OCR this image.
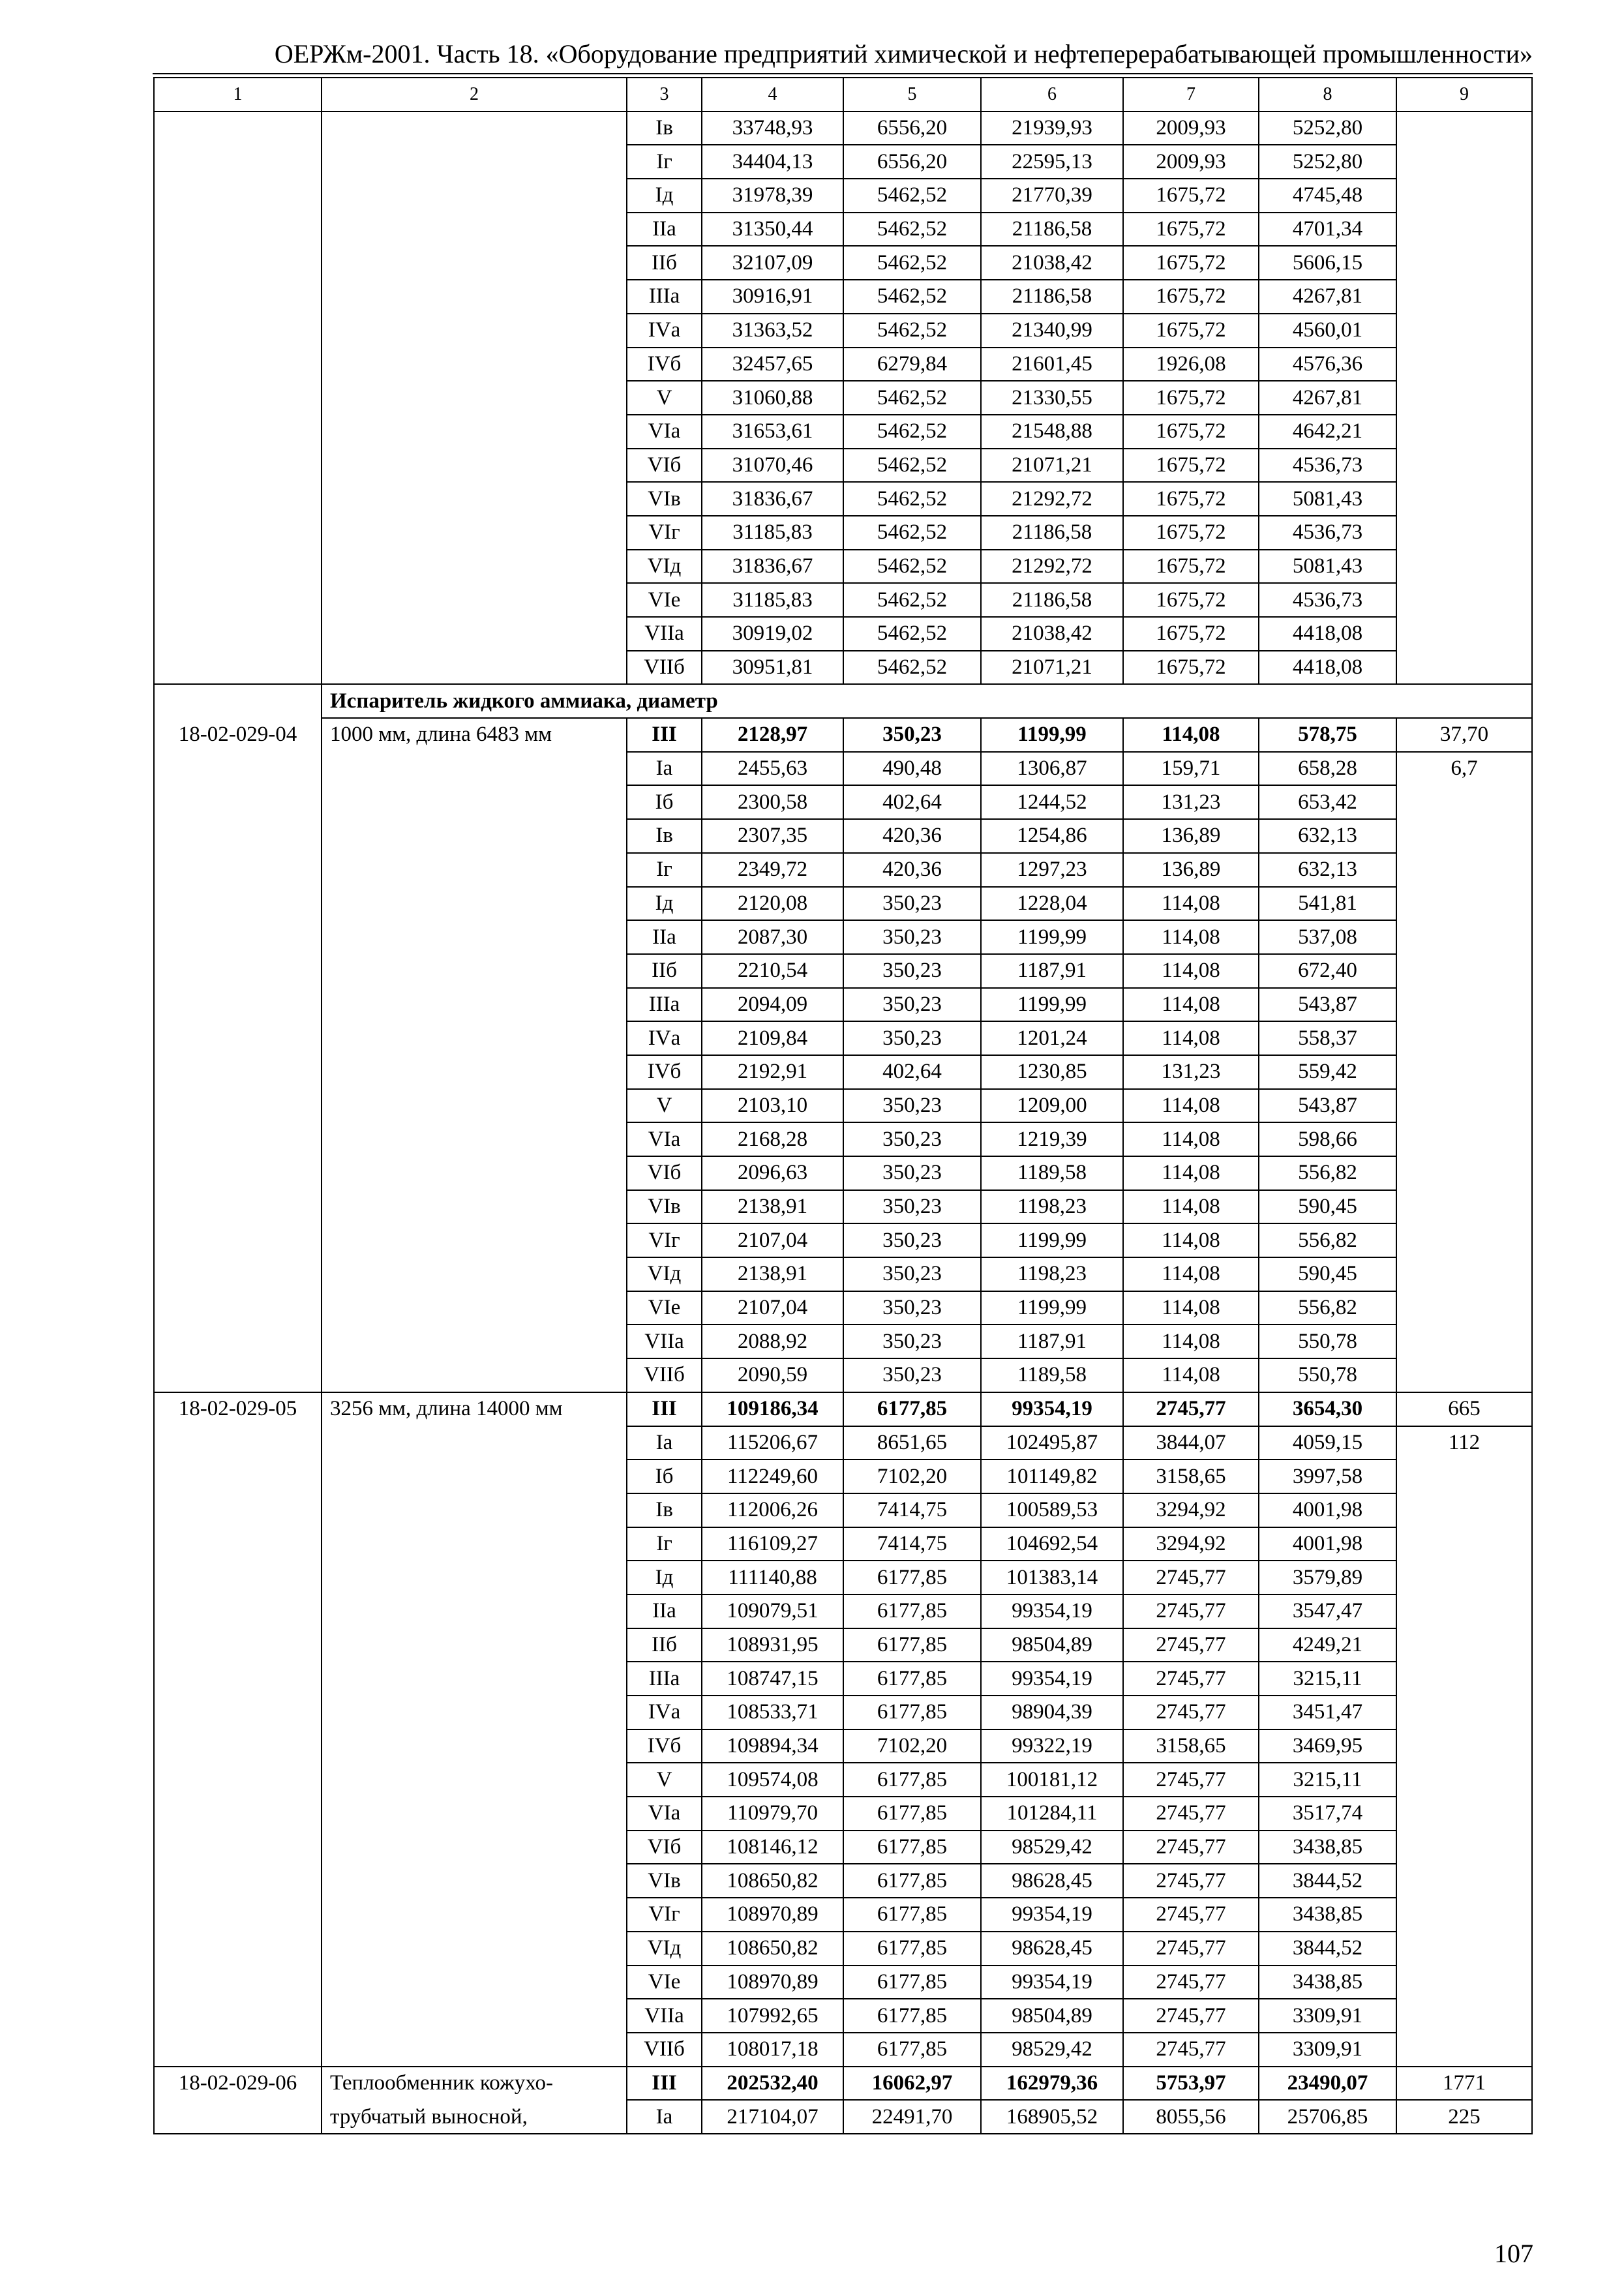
ОЕРЖм-2001. Часть 18. «Оборудование предприятий химической и нефтеперерабатывающей промышленности»
1	2	3	4	5	6	7	8	9
		Iв	33748,93	6556,20	21939,93	2009,93	5252,80	
		Iг	34404,13	6556,20	22595,13	2009,93	5252,80	
		Iд	31978,39	5462,52	21770,39	1675,72	4745,48	
		IIа	31350,44	5462,52	21186,58	1675,72	4701,34	
		IIб	32107,09	5462,52	21038,42	1675,72	5606,15	
		IIIа	30916,91	5462,52	21186,58	1675,72	4267,81	
		IVа	31363,52	5462,52	21340,99	1675,72	4560,01	
		IVб	32457,65	6279,84	21601,45	1926,08	4576,36	
		V	31060,88	5462,52	21330,55	1675,72	4267,81	
		VIа	31653,61	5462,52	21548,88	1675,72	4642,21	
		VIб	31070,46	5462,52	21071,21	1675,72	4536,73	
		VIв	31836,67	5462,52	21292,72	1675,72	5081,43	
		VIг	31185,83	5462,52	21186,58	1675,72	4536,73	
		VIд	31836,67	5462,52	21292,72	1675,72	5081,43	
		VIе	31185,83	5462,52	21186,58	1675,72	4536,73	
		VIIа	30919,02	5462,52	21038,42	1675,72	4418,08	
		VIIб	30951,81	5462,52	21071,21	1675,72	4418,08	
	Испаритель жидкого аммиака, диаметр							
18-02-029-04	1000 мм, длина 6483 мм	III	2128,97	350,23	1199,99	114,08	578,75	37,70
		Iа	2455,63	490,48	1306,87	159,71	658,28	6,7
		Iб	2300,58	402,64	1244,52	131,23	653,42	
		Iв	2307,35	420,36	1254,86	136,89	632,13	
		Iг	2349,72	420,36	1297,23	136,89	632,13	
		Iд	2120,08	350,23	1228,04	114,08	541,81	
		IIа	2087,30	350,23	1199,99	114,08	537,08	
		IIб	2210,54	350,23	1187,91	114,08	672,40	
		IIIа	2094,09	350,23	1199,99	114,08	543,87	
		IVа	2109,84	350,23	1201,24	114,08	558,37	
		IVб	2192,91	402,64	1230,85	131,23	559,42	
		V	2103,10	350,23	1209,00	114,08	543,87	
		VIа	2168,28	350,23	1219,39	114,08	598,66	
		VIб	2096,63	350,23	1189,58	114,08	556,82	
		VIв	2138,91	350,23	1198,23	114,08	590,45	
		VIг	2107,04	350,23	1199,99	114,08	556,82	
		VIд	2138,91	350,23	1198,23	114,08	590,45	
		VIе	2107,04	350,23	1199,99	114,08	556,82	
		VIIа	2088,92	350,23	1187,91	114,08	550,78	
		VIIб	2090,59	350,23	1189,58	114,08	550,78	
18-02-029-05	3256 мм, длина 14000 мм	III	109186,34	6177,85	99354,19	2745,77	3654,30	665
		Iа	115206,67	8651,65	102495,87	3844,07	4059,15	112
		Iб	112249,60	7102,20	101149,82	3158,65	3997,58	
		Iв	112006,26	7414,75	100589,53	3294,92	4001,98	
		Iг	116109,27	7414,75	104692,54	3294,92	4001,98	
		Iд	111140,88	6177,85	101383,14	2745,77	3579,89	
		IIа	109079,51	6177,85	99354,19	2745,77	3547,47	
		IIб	108931,95	6177,85	98504,89	2745,77	4249,21	
		IIIа	108747,15	6177,85	99354,19	2745,77	3215,11	
		IVа	108533,71	6177,85	98904,39	2745,77	3451,47	
		IVб	109894,34	7102,20	99322,19	3158,65	3469,95	
		V	109574,08	6177,85	100181,12	2745,77	3215,11	
		VIа	110979,70	6177,85	101284,11	2745,77	3517,74	
		VIб	108146,12	6177,85	98529,42	2745,77	3438,85	
		VIв	108650,82	6177,85	98628,45	2745,77	3844,52	
		VIг	108970,89	6177,85	99354,19	2745,77	3438,85	
		VIд	108650,82	6177,85	98628,45	2745,77	3844,52	
		VIе	108970,89	6177,85	99354,19	2745,77	3438,85	
		VIIа	107992,65	6177,85	98504,89	2745,77	3309,91	
		VIIб	108017,18	6177,85	98529,42	2745,77	3309,91	
18-02-029-06	Теплообменник кожухо-	III	202532,40	16062,97	162979,36	5753,97	23490,07	1771
	трубчатый выносной,	Iа	217104,07	22491,70	168905,52	8055,56	25706,85	225
107
